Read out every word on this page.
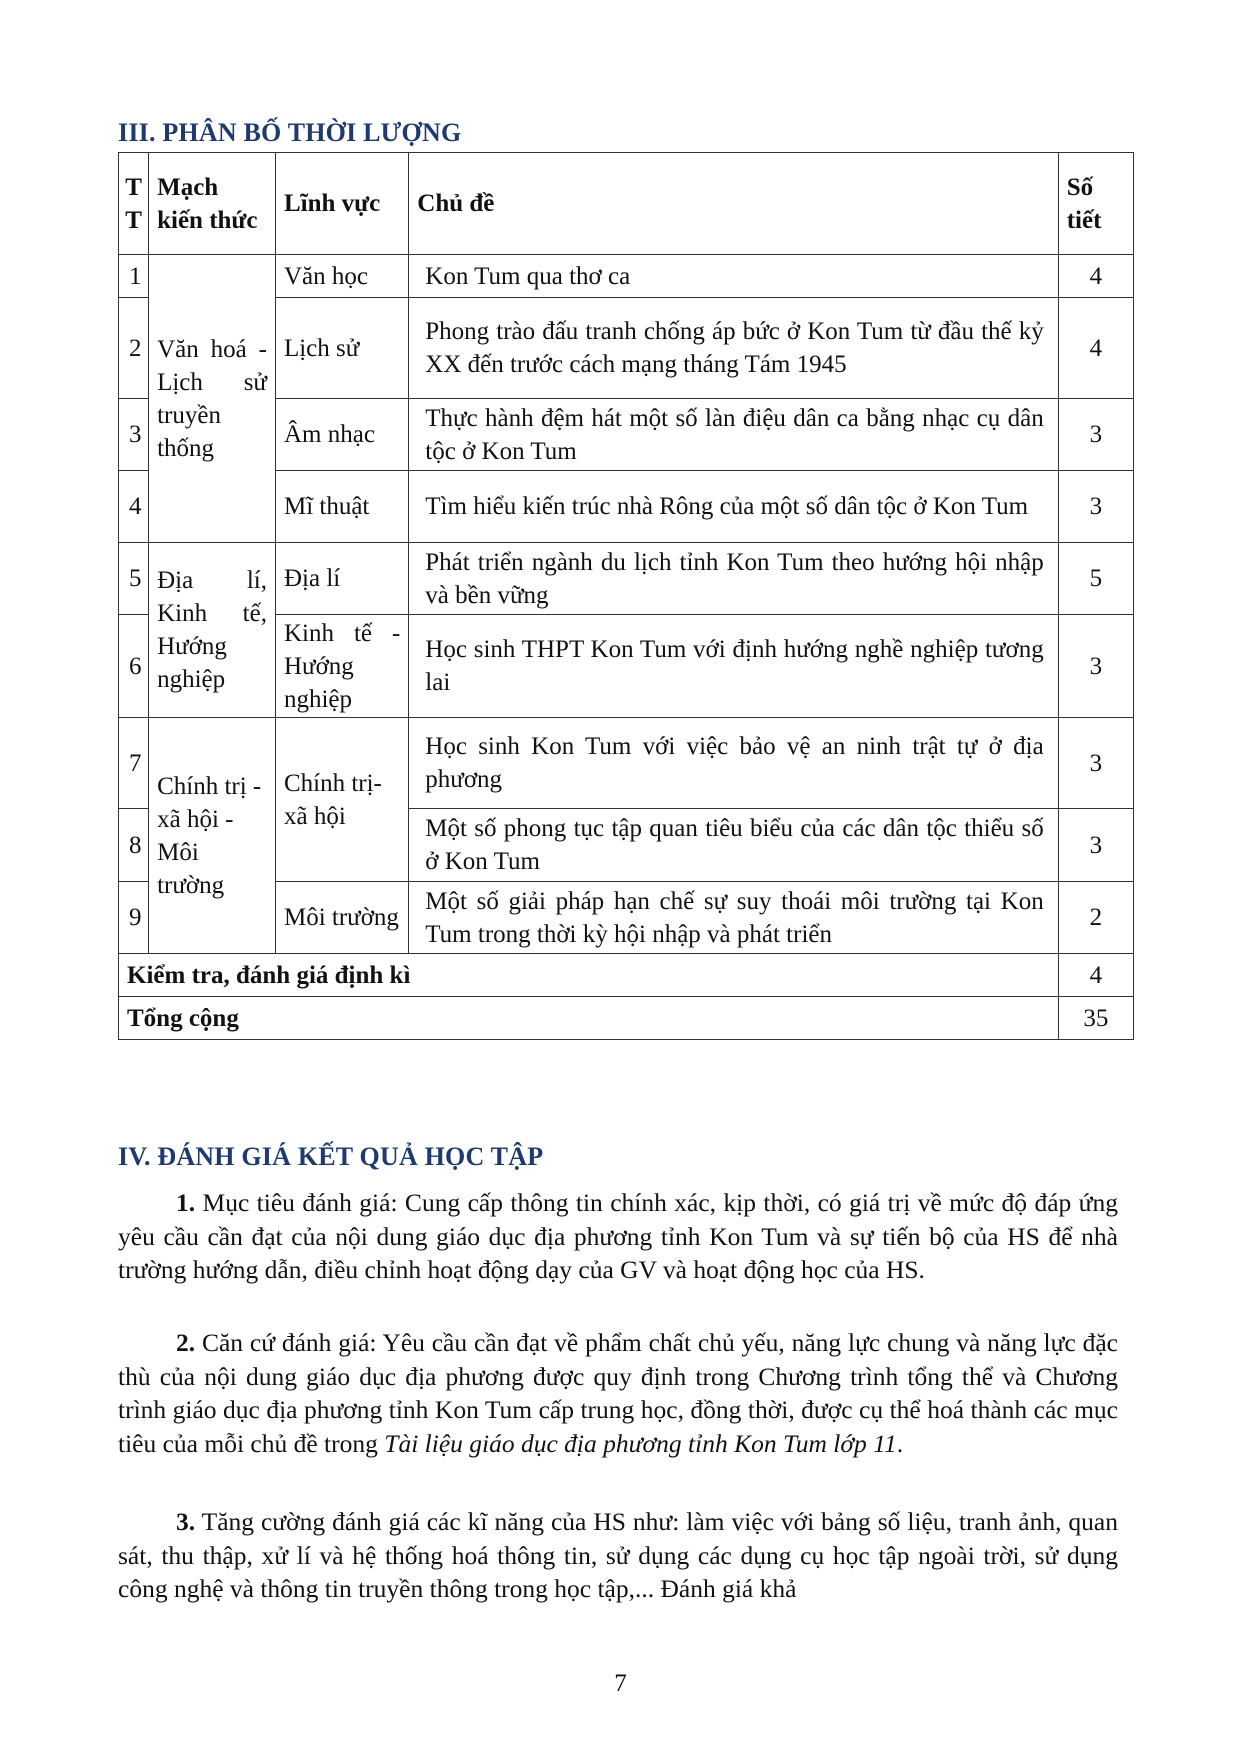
III. PHÂN BỐ THỜI LƯỢNG
T T	Mạch kiến thức	Lĩnh vực	Chủ đề	Số tiết
1	Văn hoá - Lịch sử truyền thống	Văn học	Kon Tum qua thơ ca	4
2		Lịch sử	Phong trào đấu tranh chống áp bức ở Kon Tum từ đầu thế kỷ XX đến trước cách mạng tháng Tám 1945	4
3		Âm nhạc	Thực hành đệm hát một số làn điệu dân ca bằng nhạc cụ dân tộc ở Kon Tum	3
4		Mĩ thuật	Tìm hiểu kiến trúc nhà Rông của một số dân tộc ở Kon Tum	3
5	Địa lí, Kinh tế, Hướng nghiệp	Địa lí	Phát triển ngành du lịch tỉnh Kon Tum theo hướng hội nhập và bền vững	5
6		Kinh tế - Hướng nghiệp	Học sinh THPT Kon Tum với định hướng nghề nghiệp tương lai	3
7	Chính trị - xã hội - Môi trường	Chính trị- xã hội	Học sinh Kon Tum với việc bảo vệ an ninh trật tự ở địa phương	3
8			Một số phong tục tập quan tiêu biểu của các dân tộc thiểu số ở Kon Tum	3
9		Môi trường	Một số giải pháp hạn chế sự suy thoái môi trường tại Kon Tum trong thời kỳ hội nhập và phát triển	2
Kiểm tra, đánh giá định kì				4
Tổng cộng				35
IV. ĐÁNH GIÁ KẾT QUẢ HỌC TẬP

1. Mục tiêu đánh giá: Cung cấp thông tin chính xác, kịp thời, có giá trị về mức độ đáp ứng yêu cầu cần đạt của nội dung giáo dục địa phương tỉnh Kon Tum và sự tiến bộ của HS để nhà trường hướng dẫn, điều chỉnh hoạt động dạy của GV và hoạt động học của HS.

2. Căn cứ đánh giá: Yêu cầu cần đạt về phẩm chất chủ yếu, năng lực chung và năng lực đặc thù của nội dung giáo dục địa phương được quy định trong Chương trình tổng thể và Chương trình giáo dục địa phương tỉnh Kon Tum cấp trung học, đồng thời, được cụ thể hoá thành các mục tiêu của mỗi chủ đề trong Tài liệu giáo dục địa phương tỉnh Kon Tum lớp 11.

3. Tăng cường đánh giá các kĩ năng của HS như: làm việc với bảng số liệu, tranh ảnh, quan sát, thu thập, xử lí và hệ thống hoá thông tin, sử dụng các dụng cụ học tập ngoài trời, sử dụng công nghệ và thông tin truyền thông trong học tập,... Đánh giá khả

7
